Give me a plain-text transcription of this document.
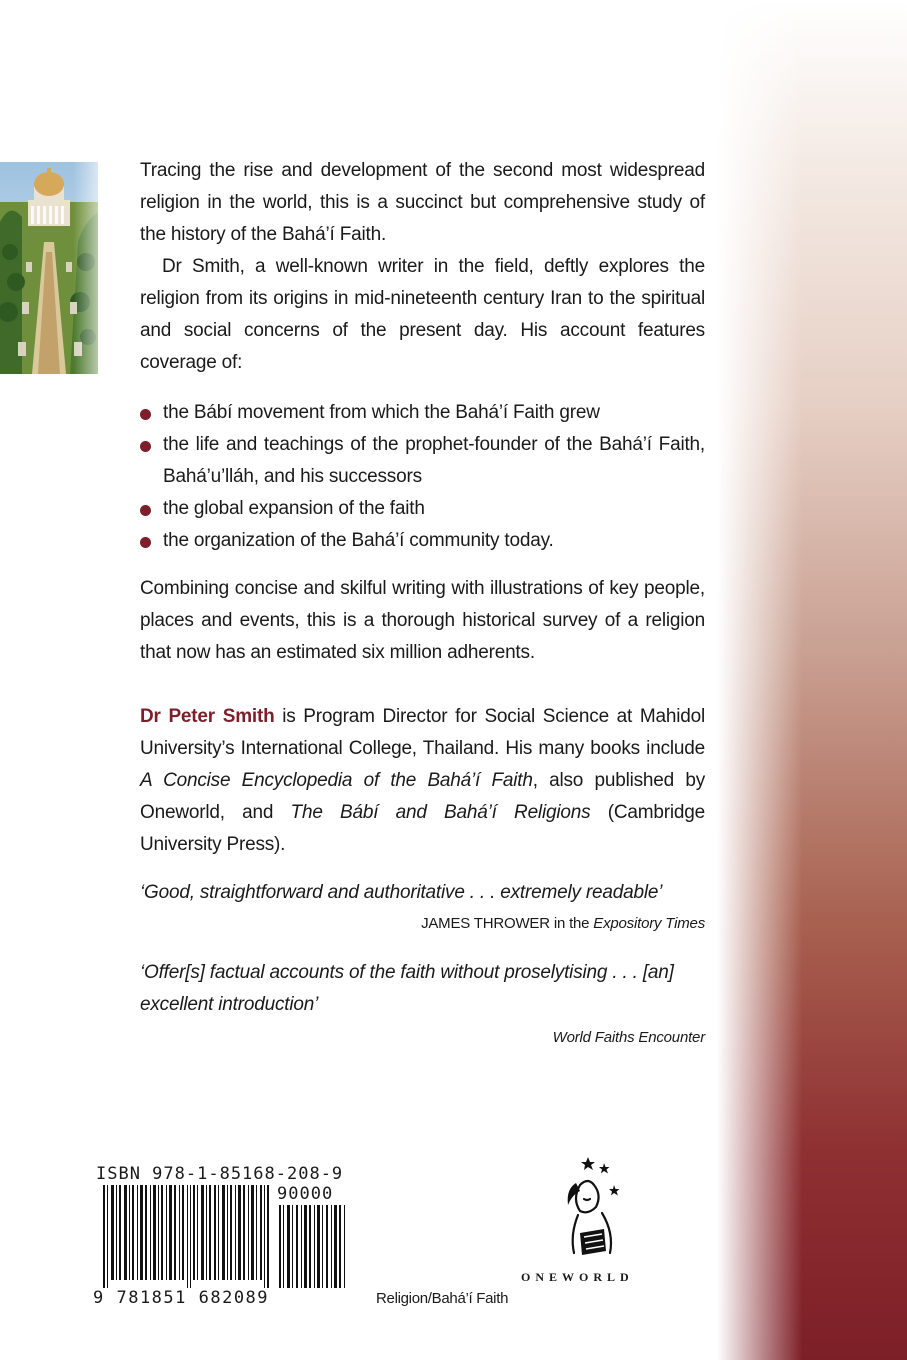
Tracing the rise and development of the second most widespread religion in the world, this is a succinct but comprehensive study of the history of the Bahá’í Faith.

Dr Smith, a well-known writer in the field, deftly explores the religion from its origins in mid-nineteenth century Iran to the spiritual and social concerns of the present day. His account features coverage of:

the Bábí movement from which the Bahá’í Faith grew
the life and teachings of the prophet-founder of the Bahá’í Faith, Bahá’u’lláh, and his successors
the global expansion of the faith
the organization of the Bahá’í community today.

Combining concise and skilful writing with illustrations of key people, places and events, this is a thorough historical survey of a religion that now has an estimated six million adherents.

Dr Peter Smith is Program Director for Social Science at Mahidol University’s International College, Thailand. His many books include A Concise Encyclopedia of the Bahá’í Faith, also published by Oneworld, and The Bábí and Bahá’í Religions (Cambridge University Press).

‘Good, straightforward and authoritative . . . extremely readable’
JAMES THROWER in the Expository Times
‘Offer[s] factual accounts of the faith without proselytising . . . [an] excellent introduction’
World Faiths Encounter
ISBN 978-1-85168-208-9
90000
9 781851 682089	Religion/Bahá’í Faith
ONEWORLD
